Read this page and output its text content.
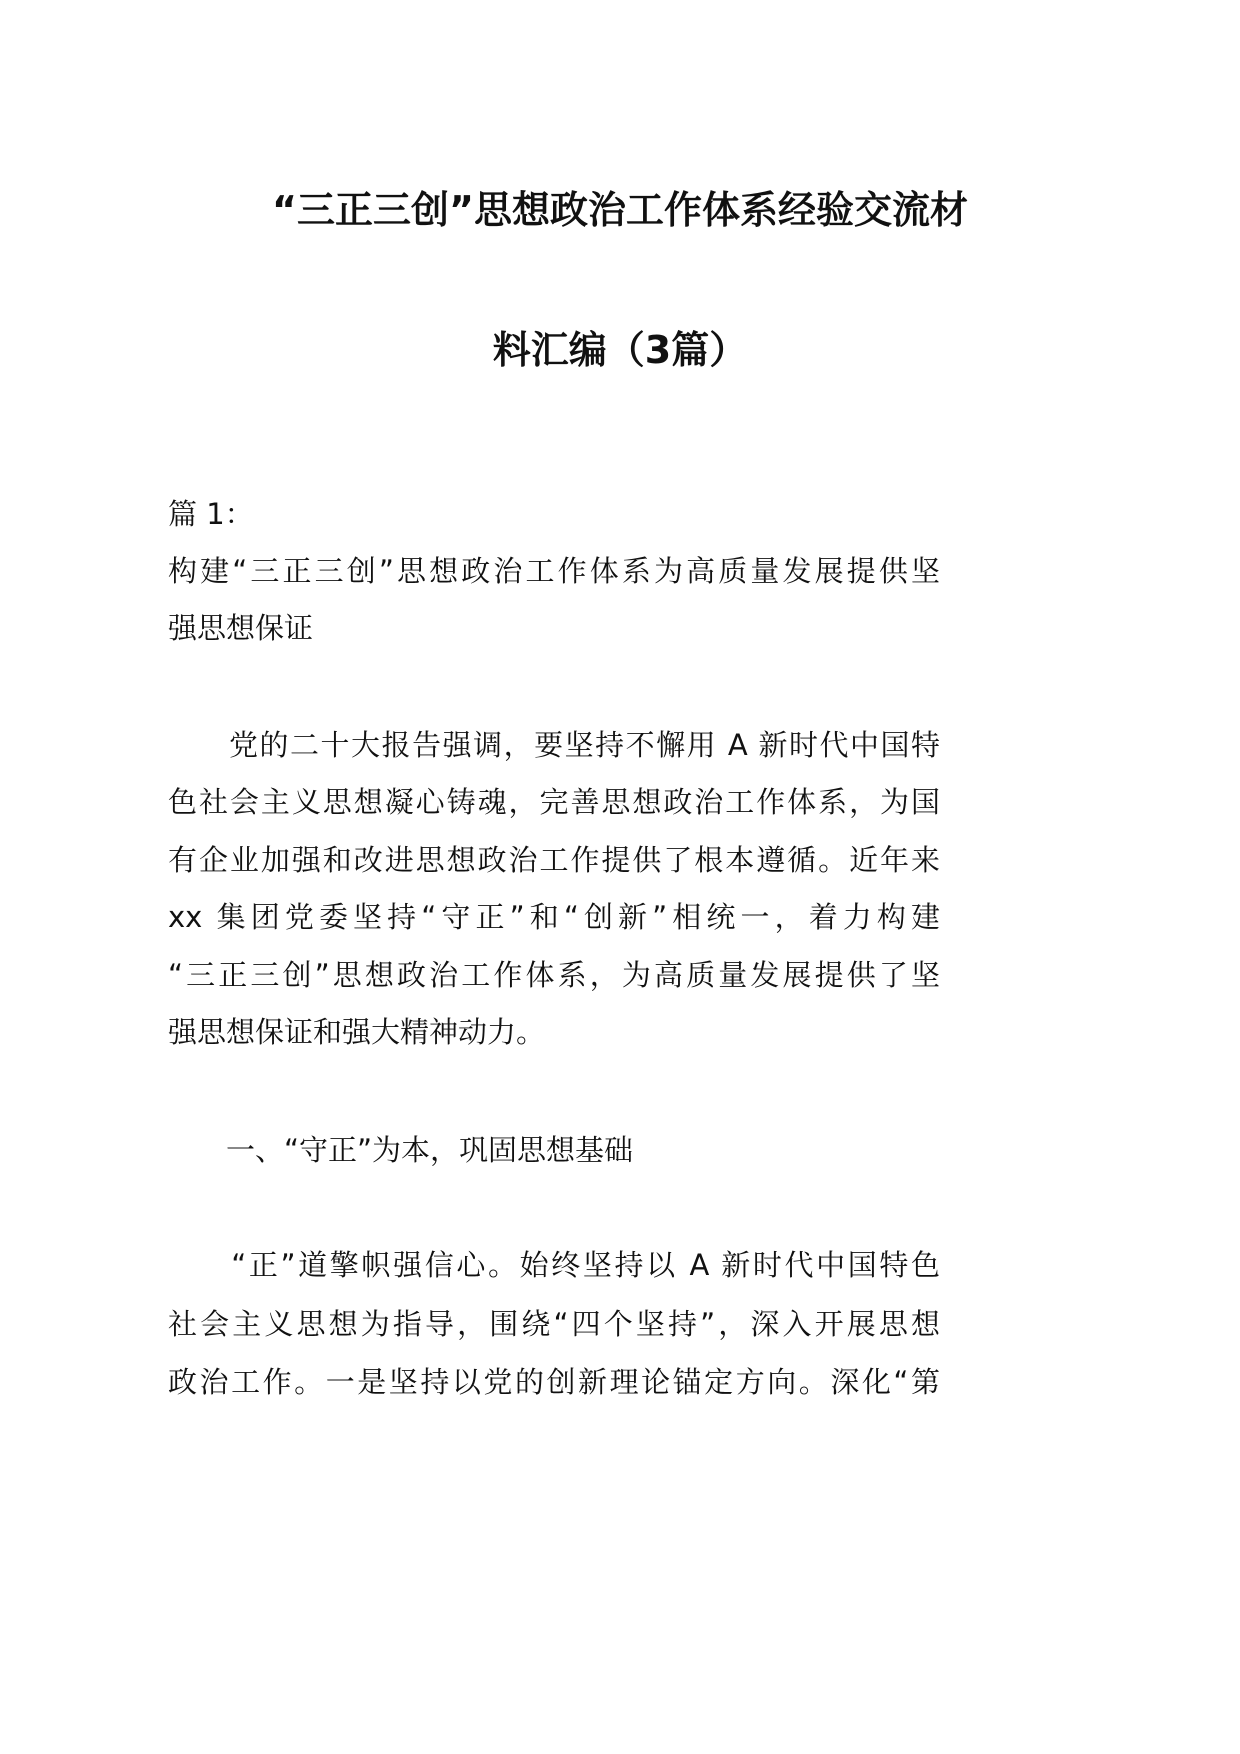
“三正三创”思想政治工作体系经验交流材
料汇编（3篇）
篇 1：
构建“三正三创”思想政治工作体系为高质量发展提供坚
强思想保证
　　党的二十大报告强调，要坚持不懈用 A 新时代中国特
色社会主义思想凝心铸魂，完善思想政治工作体系，为国
有企业加强和改进思想政治工作提供了根本遵循。近年来
xx 集团党委坚持“守正”和“创新”相统一，着力构建
“三正三创”思想政治工作体系，为高质量发展提供了坚
强思想保证和强大精神动力。
　　一、“守正”为本，巩固思想基础
　　“正”道擎帜强信心。始终坚持以 A 新时代中国特色
社会主义思想为指导，围绕“四个坚持”，深入开展思想
政治工作。一是坚持以党的创新理论锚定方向。深化“第
